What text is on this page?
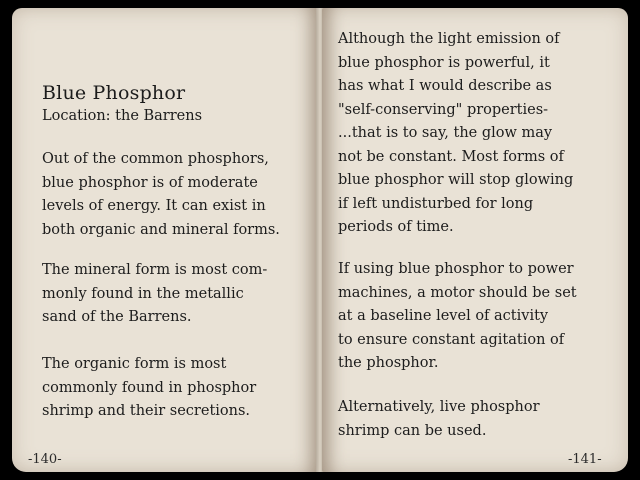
Blue Phosphor
Location: the Barrens
Out of the common phosphors,
blue phosphor is of moderate
levels of energy. It can exist in
both organic and mineral forms.
The mineral form is most com-
monly found in the metallic
sand of the Barrens.
The organic form is most
commonly found in phosphor
shrimp and their secretions.
-140-
Although the light emission of
blue phosphor is powerful, it
has what I would describe as
"self-conserving" properties-
...that is to say, the glow may
not be constant. Most forms of
blue phosphor will stop glowing
if left undisturbed for long
periods of time.
If using blue phosphor to power
machines, a motor should be set
at a baseline level of activity
to ensure constant agitation of
the phosphor.
Alternatively, live phosphor
shrimp can be used.
-141-
